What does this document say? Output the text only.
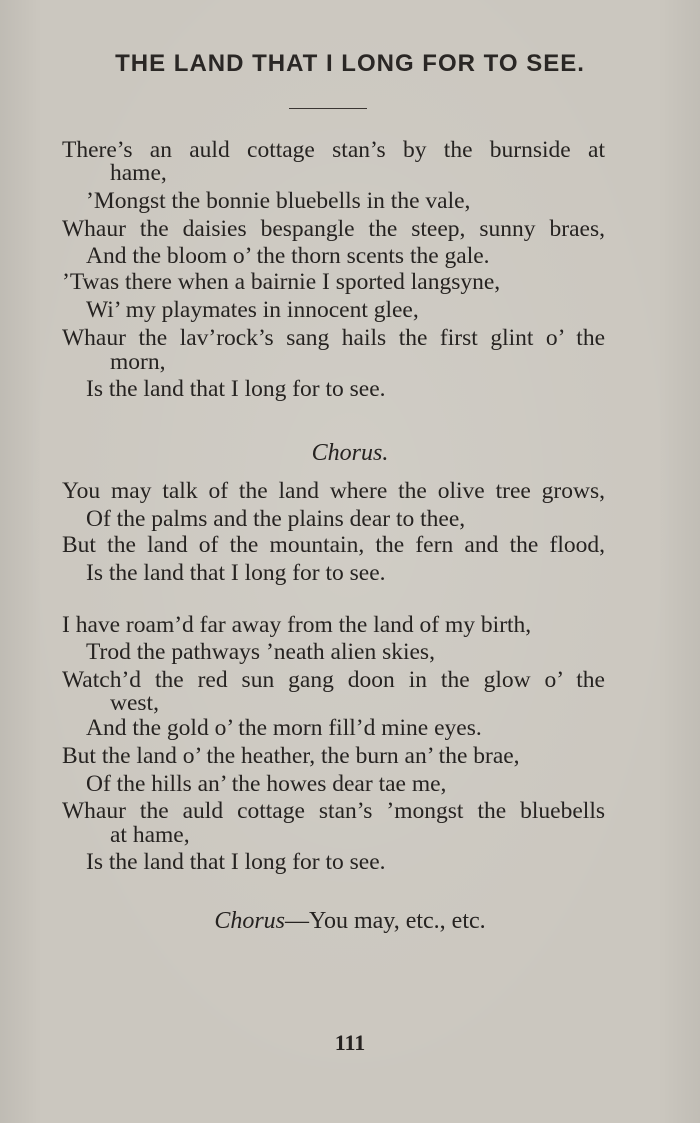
THE LAND THAT I LONG FOR TO SEE.
There’s an auld cottage stan’s by the burnside at
hame,
’Mongst the bonnie bluebells in the vale,
Whaur the daisies bespangle the steep, sunny braes,
And the bloom o’ the thorn scents the gale.
’Twas there when a bairnie I sported langsyne,
Wi’ my playmates in innocent glee,
Whaur the lav’rock’s sang hails the first glint o’ the
morn,
Is the land that I long for to see.
Chorus.
You may talk of the land where the olive tree grows,
Of the palms and the plains dear to thee,
But the land of the mountain, the fern and the flood,
Is the land that I long for to see.
I have roam’d far away from the land of my birth,
Trod the pathways ’neath alien skies,
Watch’d the red sun gang doon in the glow o’ the
west,
And the gold o’ the morn fill’d mine eyes.
But the land o’ the heather, the burn an’ the brae,
Of the hills an’ the howes dear tae me,
Whaur the auld cottage stan’s ’mongst the bluebells
at hame,
Is the land that I long for to see.
Chorus—You may, etc., etc.
111
